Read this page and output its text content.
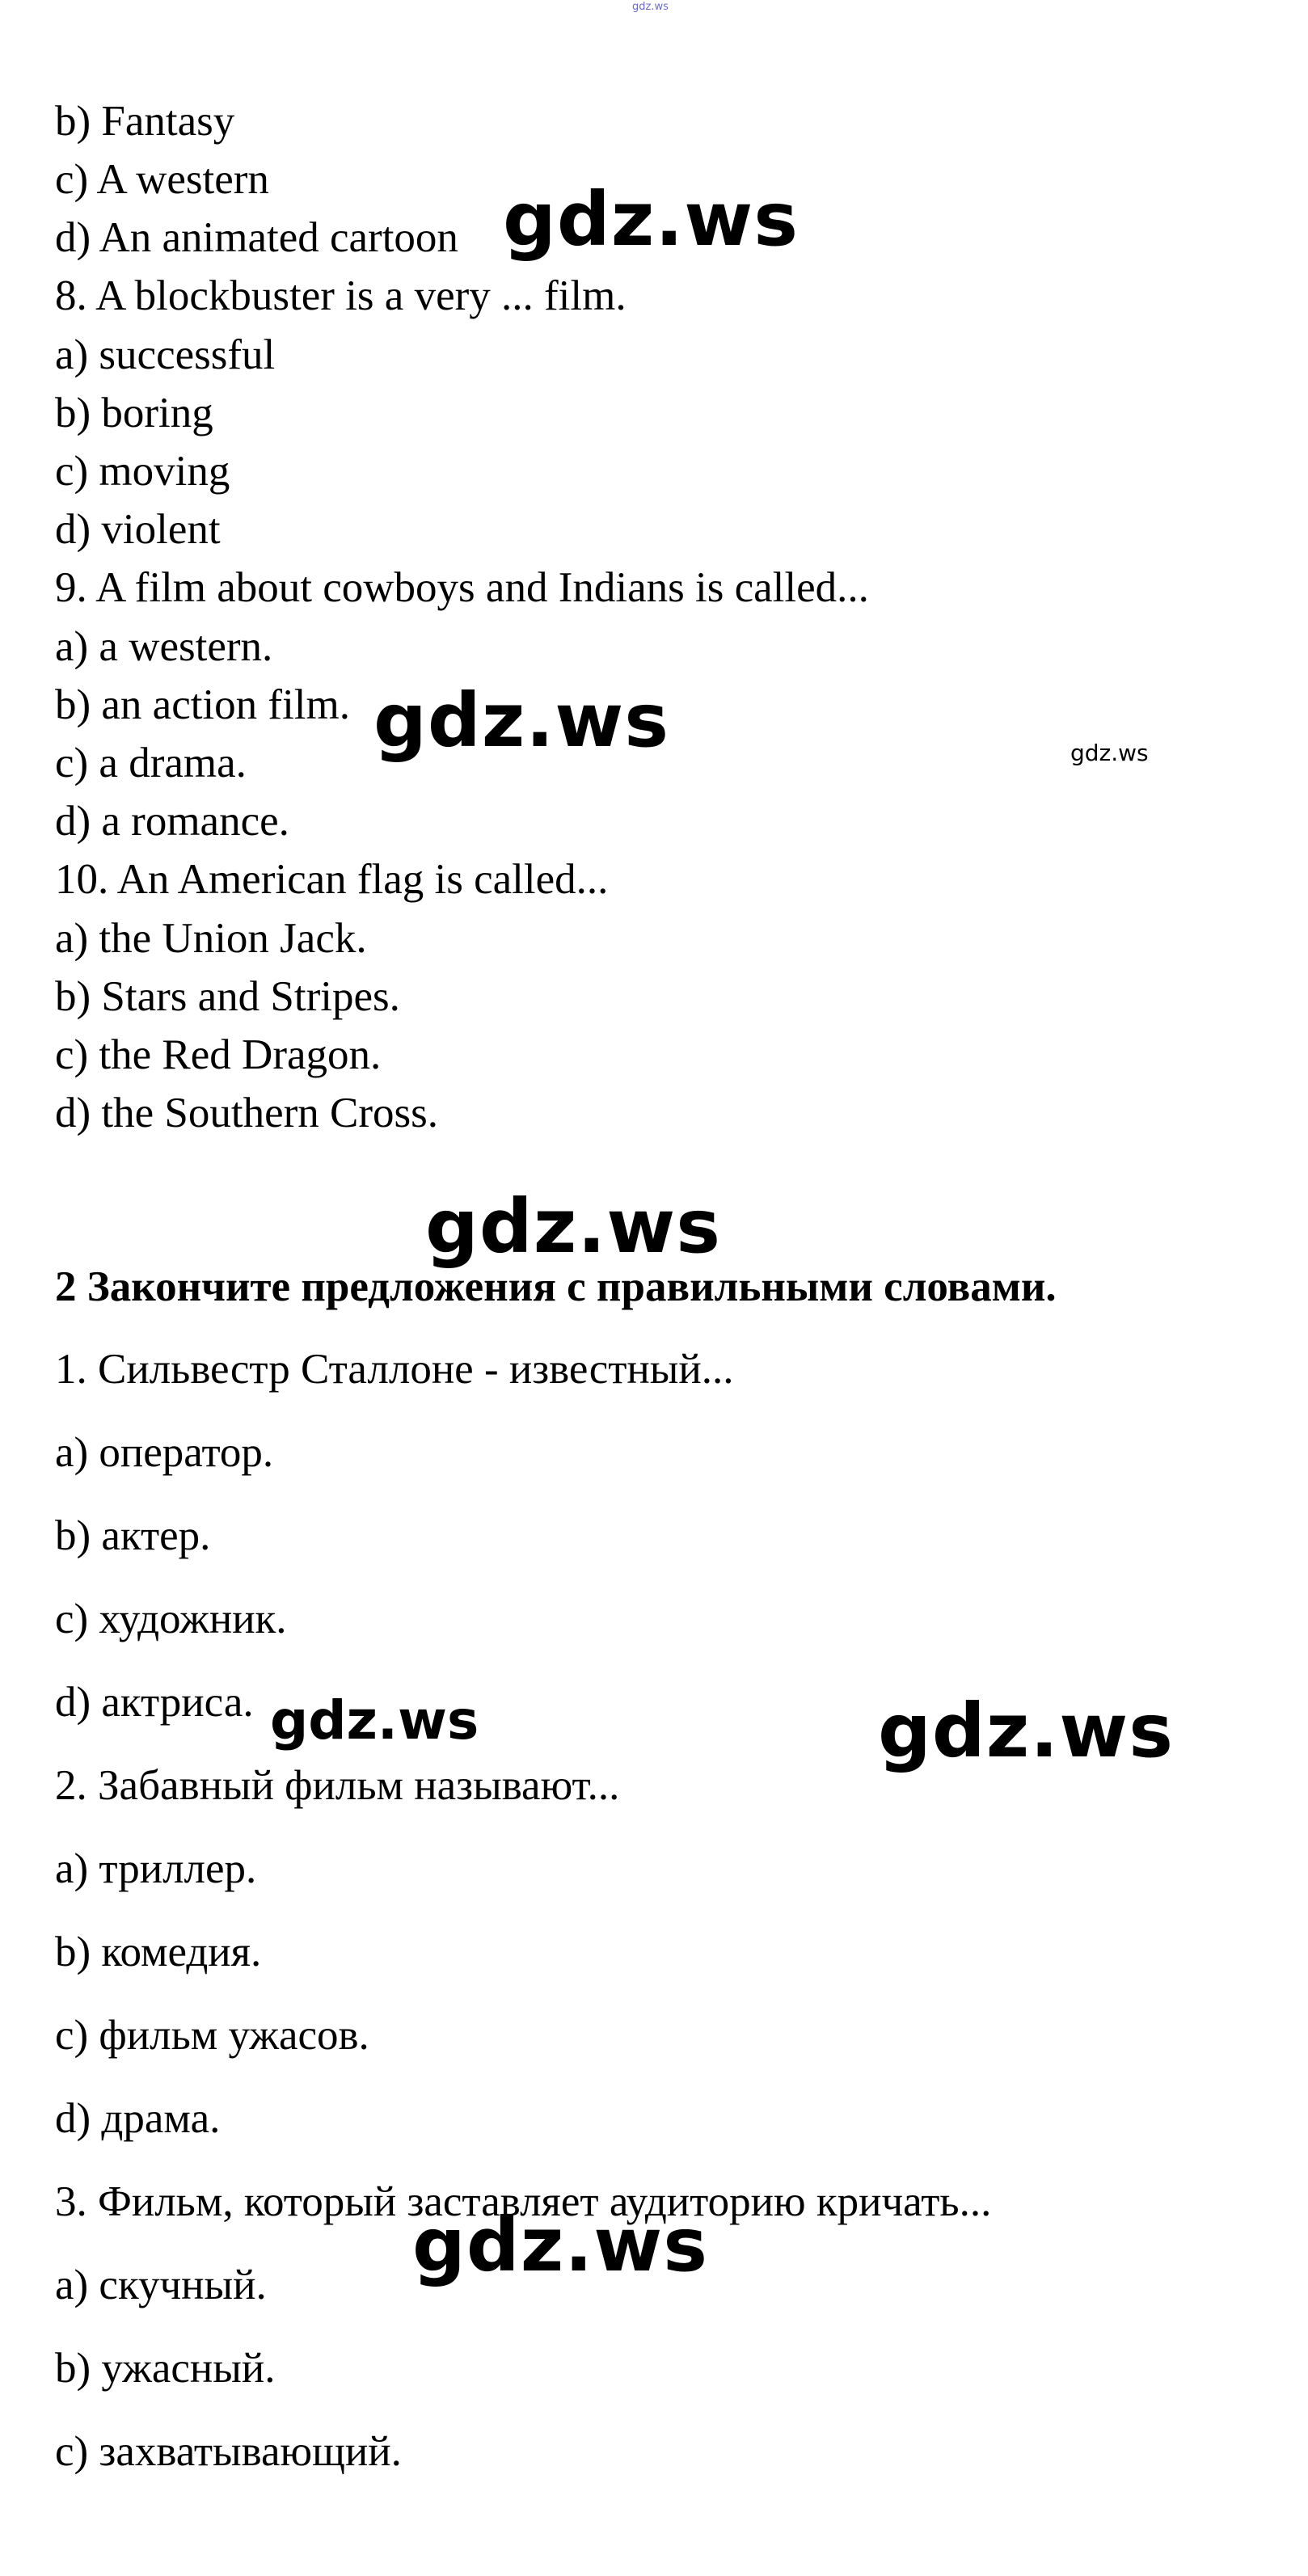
gdz.ws
b) Fantasy
c) A western
d) An animated cartoon
8. A blockbuster is a very ... film.
a) successful
b) boring
c) moving
d) violent
9. A film about cowboys and Indians is called...
a) a western.
b) an action film.
c) a drama.
d) a romance.
10. An American flag is called...
a) the Union Jack.
b) Stars and Stripes.
c) the Red Dragon.
d) the Southern Cross.
2 Закончите предложения с правильными словами.
1. Сильвестр Сталлоне - известный...
a) оператор.
b) актер.
c) художник.
d) актриса.
2. Забавный фильм называют...
a) триллер.
b) комедия.
c) фильм ужасов.
d) драма.
3. Фильм, который заставляет аудиторию кричать...
a) скучный.
b) ужасный.
c) захватывающий.
gdz.ws
gdz.ws	gdz.ws
gdz.ws
gdz.ws	gdz.ws
gdz.ws
